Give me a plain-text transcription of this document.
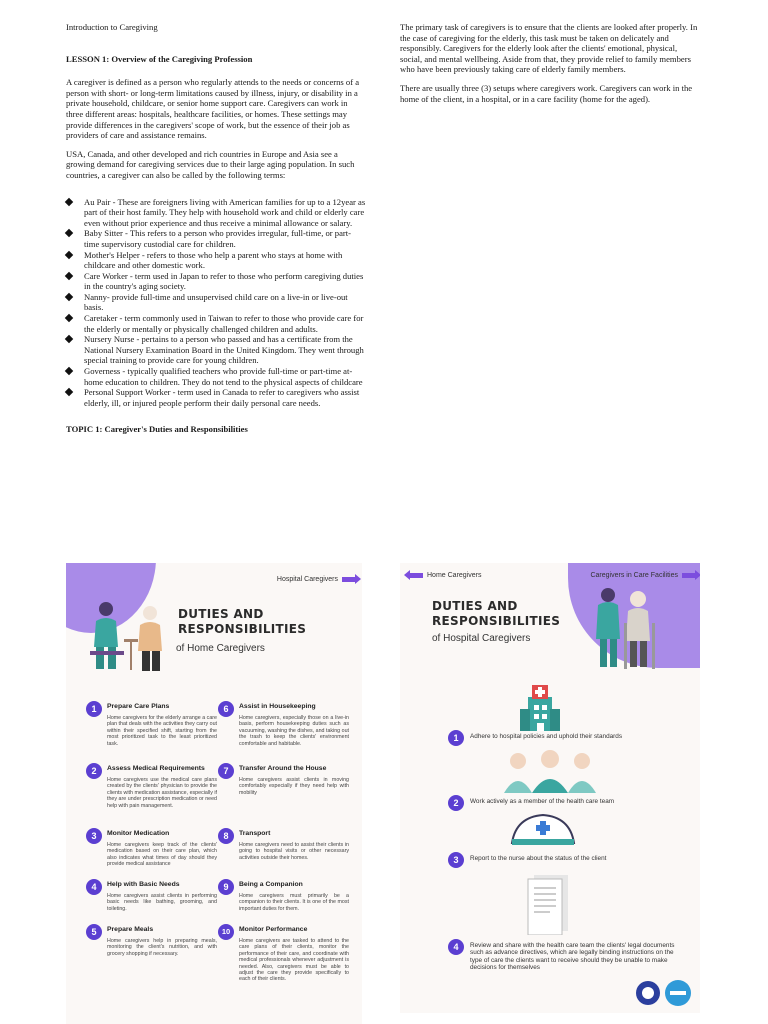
Introduction to Caregiving

LESSON 1: Overview of the Caregiving Profession

A caregiver is defined as a person who regularly attends to the needs or concerns of a person with short- or long-term limitations caused by illness, injury, or disability in a private household, childcare, or senior home support care. Caregivers can work in three different areas: hospitals, healthcare facilities, or homes. These settings may provide differences in the caregivers' scope of work, but the essence of their job as providers of care and assistance remains.

USA, Canada, and other developed and rich countries in Europe and Asia see a growing demand for caregiving services due to their large aging population. In such countries, a caregiver can also be called by the following terms:

Au Pair - These are foreigners living with American families for up to a 12year as part of their host family. They help with household work and child or elderly care even without prior experience and thus receive a minimal allowance or salary.
Baby Sitter - This refers to a person who provides irregular, full-time, or part-time supervisory custodial care for children.
Mother's Helper - refers to those who help a parent who stays at home with childcare and other domestic work.
Care Worker - term used in Japan to refer to those who perform caregiving duties in the country's aging society.
Nanny- provide full-time and unsupervised child care on a live-in or live-out basis.
Caretaker - term commonly used in Taiwan to refer to those who provide care for the elderly or mentally or physically challenged children and adults.
Nursery Nurse - pertains to a person who passed and has a certificate from the National Nursery Examination Board in the United Kingdom. They went through special training to provide care for young children.
Governess - typically qualified teachers who provide full-time or part-time at-home education to children. They do not tend to the physical aspects of childcare
Personal Support Worker - term used in Canada to refer to caregivers who assist elderly, ill, or injured people perform their daily personal care needs.

TOPIC 1: Caregiver's Duties and Responsibilities

The primary task of caregivers is to ensure that the clients are looked after properly. In the case of caregiving for the elderly, this task must be taken on delicately and responsibly. Caregivers for the elderly look after the clients' emotional, physical, social, and mental wellbeing. Aside from that, they provide relief to family members who have been previously taking care of elderly family members.

There are usually three (3) setups where caregivers work. Caregivers can work in the home of the client, in a hospital, or in a care facility (home for the aged).

Hospital Caregivers
DUTIES AND
RESPONSIBILITIES
of Home Caregivers
1	Prepare Care Plans
Home caregivers for the elderly arrange a care plan that deals with the activities they carry out within their specified shift, starting from the most prioritized task to the least prioritized task.
2	Assess Medical Requirements
Home caregivers use the medical care plans created by the clients' physician to provide the clients with medication assistance, especially if they are under prescription medication or need help with pain management.
3	Monitor Medication
Home caregivers keep track of the clients' medication based on their care plan, which also indicates what times of day should they provide medical assistance
4	Help with Basic Needs
Home caregivers assist clients in performing basic needs like bathing, grooming, and toileting.
5	Prepare Meals
Home caregivers help in preparing meals, monitoring the client's nutrition, and with grocery shopping if necessary.
6	Assist in Housekeeping
Home caregivers, especially those on a live-in basis, perform housekeeping duties such as vacuuming, washing the dishes, and taking out the trash to keep the clients' environment comfortable and habitable.
7	Transfer Around the House
Home caregivers assist clients in moving comfortably especially if they need help with mobility
8	Transport
Home caregivers need to assist their clients in going to hospital visits or other necessary activities outside their homes.
9	Being a Companion
Home caregivers must primarily be a companion to their clients. It is one of the most important duties for them.
10	Monitor Performance
Home caregivers are tasked to attend to the care plans of their clients, monitor the performance of their care, and coordinate with medical professionals whenever adjustment is needed. Also, caregivers must be able to adjust the care they provide specifically to each of their clients.
Home Caregivers	Caregivers in Care Facilities
DUTIES AND
RESPONSIBILITIES
of Hospital Caregivers
1	Adhere to hospital policies and uphold their standards
2	Work actively as a member of the health care team
3	Report to the nurse about the status of the client
4	Review and share with the health care team the clients' legal documents such as advance directives, which are legally binding instructions on the type of care the clients want to receive should they be unable to make decisions for themselves
